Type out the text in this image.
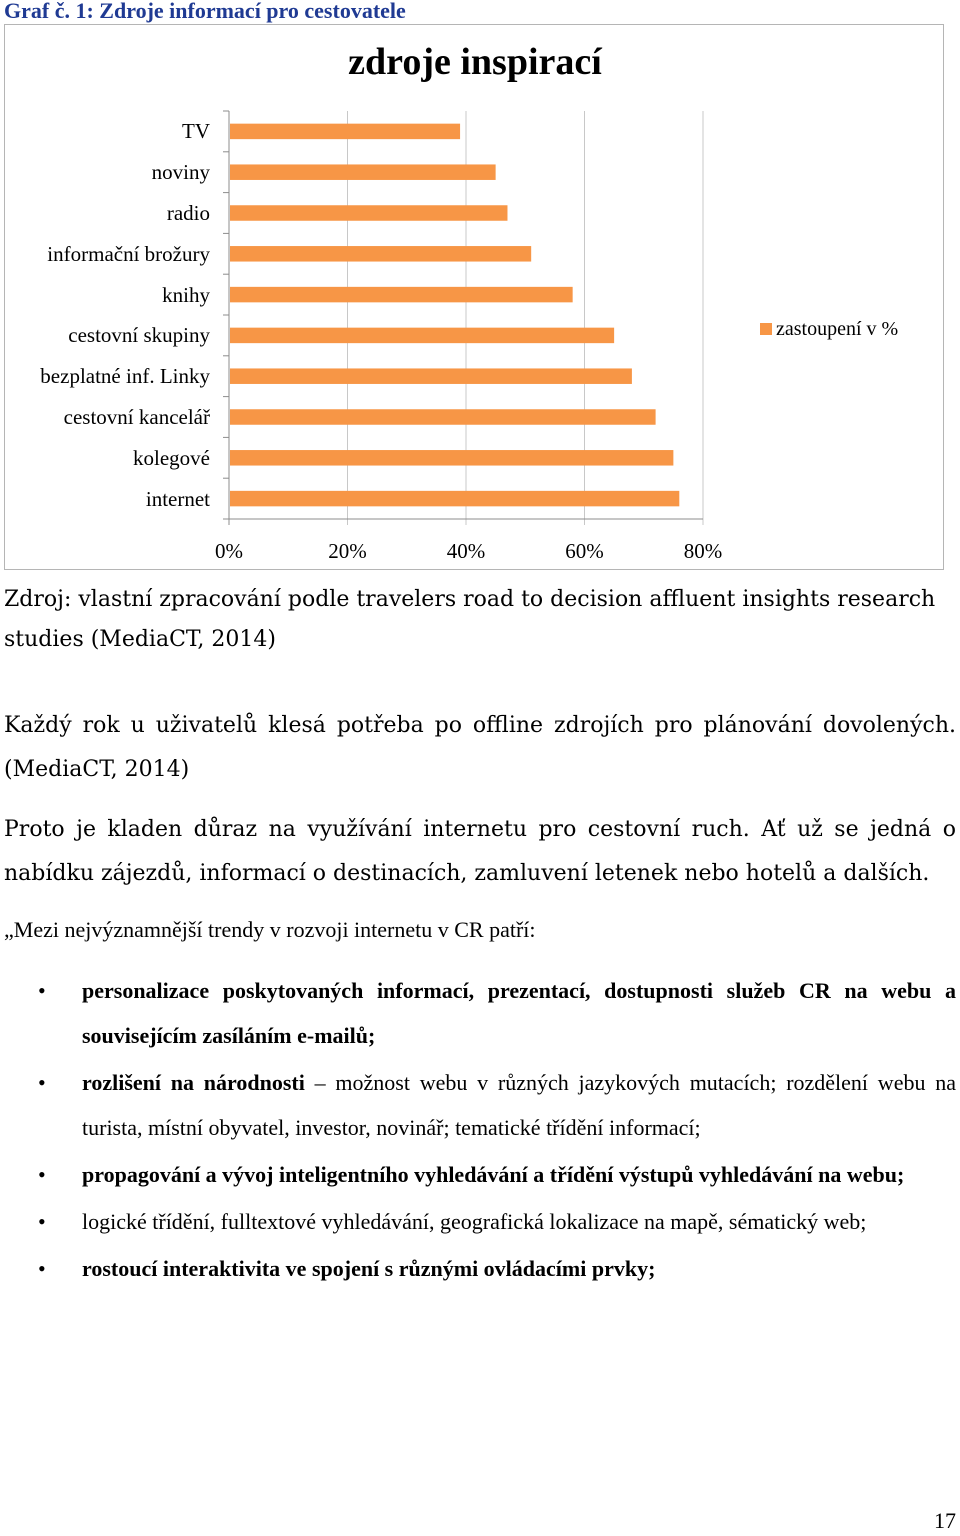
Graf č. 1: Zdroje informací pro cestovatele
zdroje inspirací
TV
noviny
radio
informační brožury
knihy
cestovní skupiny
bezplatné inf. Linky
cestovní kancelář
kolegové
internet
0%	20%	40%	60%	80%
zastoupení v %
Zdroj: vlastní zpracování podle travelers road to decision affluent insights research studies (MediaCT, 2014)
Každý rok u uživatelů klesá potřeba po offline zdrojích pro plánování dovolených.
(MediaCT, 2014)
Proto je kladen důraz na využívání internetu pro cestovní ruch. Ať už se jedná o nabídku zájezdů, informací o destinacích, zamluvení letenek nebo hotelů a dalších.
„Mezi nejvýznamnější trendy v rozvoji internetu v CR patří:
• personalizace poskytovaných informací, prezentací, dostupnosti služeb CR na webu a souvisejícím zasíláním e-mailů;
• rozlišení na národnosti – možnost webu v různých jazykových mutacích; rozdělení webu na turista, místní obyvatel, investor, novinář; tematické třídění informací;
• propagování a vývoj inteligentního vyhledávání a třídění výstupů vyhledávání na webu;
• logické třídění, fulltextové vyhledávání, geografická lokalizace na mapě, sématický web;
• rostoucí interaktivita ve spojení s různými ovládacími prvky;
17
